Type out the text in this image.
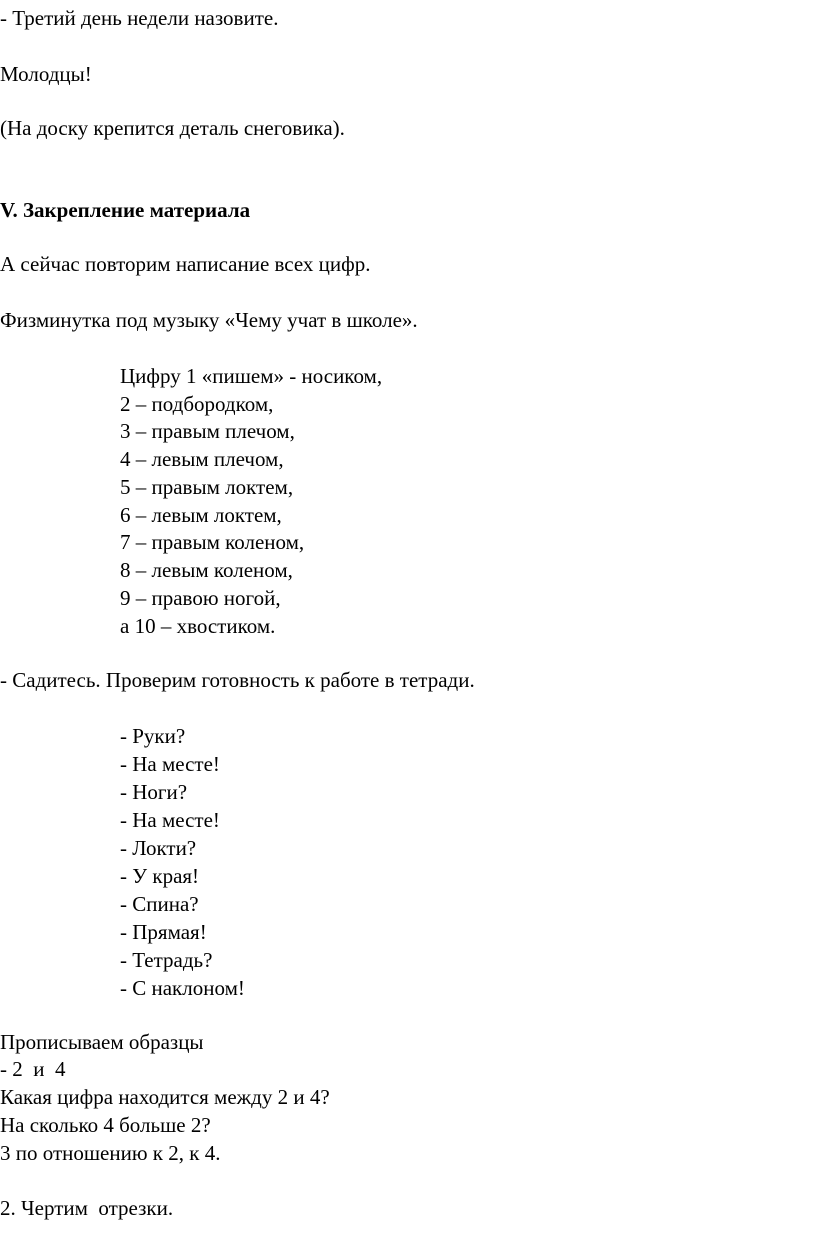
- Третий день недели назовите.
Молодцы!
(На доску крепится деталь снеговика).
V. Закрепление материала
А сейчас повторим написание всех цифр.
Физминутка под музыку «Чему учат в школе».
Цифру 1 «пишем» - носиком,
2 – подбородком,
3 – правым плечом,
4 – левым плечом,
5 – правым локтем,
6 – левым локтем,
7 – правым коленом,
8 – левым коленом,
9 – правою ногой,
а 10 – хвостиком.
- Садитесь. Проверим готовность к работе в тетради.
- Руки?
- На месте!
- Ноги?
- На месте!
- Локти?
- У края!
- Спина?
- Прямая!
- Тетрадь?
- С наклоном!
Прописываем образцы
- 2  и  4
Какая цифра находится между 2 и 4?
На сколько 4 больше 2?
3 по отношению к 2, к 4.
2. Чертим  отрезки.
